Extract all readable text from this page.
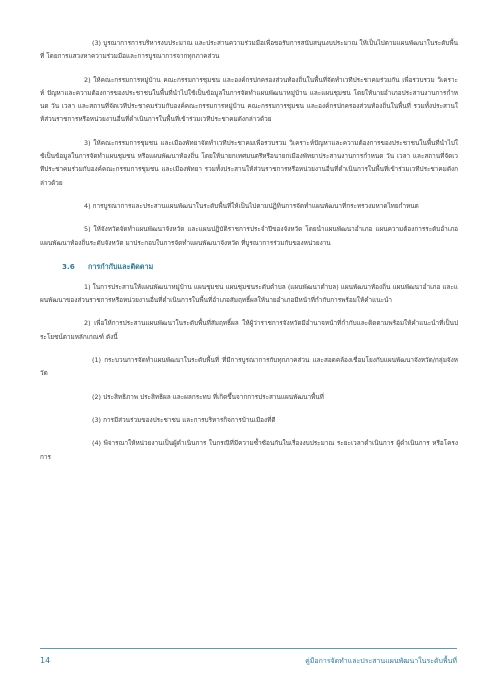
(3) บูรณาการการบริหารงบประมาณ และประสานความร่วมมือเพื่อขอรับการสนับสนุนงบประมาณ ให้เป็นไปตามแผนพัฒนาในระดับพื้นที่ โดยการแสวงหาความร่วมมือและการบูรณาการจากทุกภาคส่วน

2) ให้คณะกรรมการหมู่บ้าน คณะกรรมการชุมชน และองค์กรปกครองส่วนท้องถิ่นในพื้นที่จัดทำเวทีประชาคมร่วมกัน เพื่อรวบรวม วิเคราะห์ ปัญหาและความต้องการของประชาชนในพื้นที่นำไปใช้เป็นข้อมูลในการจัดทำแผนพัฒนาหมู่บ้าน และแผนชุมชน โดยให้นายอำเภอประสานงานการกำหนด วัน เวลา และสถานที่จัดเวทีประชาคมร่วมกับองค์คณะกรรมการหมู่บ้าน คณะกรรมการชุมชน และองค์กรปกครองส่วนท้องถิ่นในพื้นที่ รวมทั้งประสานให้ส่วนราชการหรือหน่วยงานอื่นที่ดำเนินการในพื้นที่เข้าร่วมเวทีประชาคมดังกล่าวด้วย

3) ให้คณะกรรมการชุมชน และเมืองพัทยาจัดทำเวทีประชาคมเพื่อรวบรวม วิเคราะห์ปัญหาและความต้องการของประชาชนในพื้นที่นำไปใช้เป็นข้อมูลในการจัดทำแผนชุมชน หรือแผนพัฒนาท้องถิ่น โดยให้นายกเทศมนตรีหรือนายกเมืองพัทยาประสานงานการกำหนด วัน เวลา และสถานที่จัดเวทีประชาคมร่วมกับองค์คณะกรรมการชุมชน และเมืองพัทยา รวมทั้งประสานให้ส่วนราชการหรือหน่วยงานอื่นที่ดำเนินการในพื้นที่เข้าร่วมเวทีประชาคมดังกล่าวด้วย

4) การบูรณาการและประสานแผนพัฒนาในระดับพื้นที่ให้เป็นไปตามปฏิทินการจัดทำแผนพัฒนาที่กระทรวงมหาดไทยกำหนด

5) ให้จังหวัดจัดทำแผนพัฒนาจังหวัด และแผนปฏิบัติราชการประจำปีของจังหวัด โดยนำแผนพัฒนาอำเภอ แผนความต้องการระดับอำเภอ แผนพัฒนาท้องถิ่นระดับจังหวัด มาประกอบในการจัดทำแผนพัฒนาจังหวัด ที่บูรณาการร่วมกับของหน่วยงาน

3.6 การกำกับและติดตาม

1) ในการประสานให้แผนพัฒนาหมู่บ้าน แผนชุมชน แผนชุมชนระดับตำบล (แผนพัฒนาตำบล) แผนพัฒนาท้องถิ่น แผนพัฒนาอำเภอ และแผนพัฒนาของส่วนราชการหรือหน่วยงานอื่นที่ดำเนินการในพื้นที่อำเภอสัมฤทธิ์ผลให้นายอำเภอมีหน้าที่กำกับการพร้อมให้คำแนะนำ

2) เพื่อให้การประสานแผนพัฒนาในระดับพื้นที่สัมฤทธิ์ผล ให้ผู้ว่าราชการจังหวัดมีอำนาจหน้าที่กำกับและติดตามพร้อมให้คำแนะนำที่เป็นประโยชน์ตามหลักเกณฑ์ ดังนี้

(1) กระบวนการจัดทำแผนพัฒนาในระดับพื้นที่ ที่มีการบูรณาการกับทุกภาคส่วน และสอดคล้องเชื่อมโยงกับแผนพัฒนาจังหวัด/กลุ่มจังหวัด

(2) ประสิทธิภาพ ประสิทธิผล และผลกระทบ ที่เกิดขึ้นจากการประสานแผนพัฒนาพื้นที่

(3) การมีส่วนร่วมของประชาชน และการบริหารกิจการบ้านเมืองที่ดี

(4) พิจารณาให้หน่วยงานเป็นผู้ดำเนินการ ในกรณีที่มีความซ้ำซ้อนกันในเรื่องงบประมาณ ระยะเวลาดำเนินการ ผู้ดำเนินการ หรือโครงการ

14	คู่มือการจัดทำและประสานแผนพัฒนาในระดับพื้นที่
